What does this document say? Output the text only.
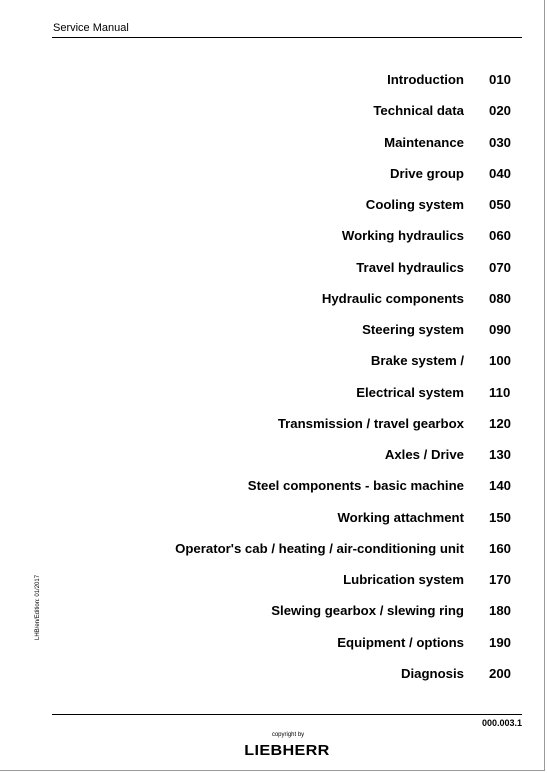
Service Manual
Introduction 010
Technical data 020
Maintenance 030
Drive group 040
Cooling system 050
Working hydraulics 060
Travel hydraulics 070
Hydraulic components 080
Steering system 090
Brake system / 100
Electrical system 110
Transmission / travel gearbox 120
Axles / Drive 130
Steel components - basic machine 140
Working attachment 150
Operator's cab / heating / air-conditioning unit 160
Lubrication system 170
Slewing gearbox / slewing ring 180
Equipment / options 190
Diagnosis 200
LHB/en/Edition: 01/2017
000.003.1
copyright by
LIEBHERR
